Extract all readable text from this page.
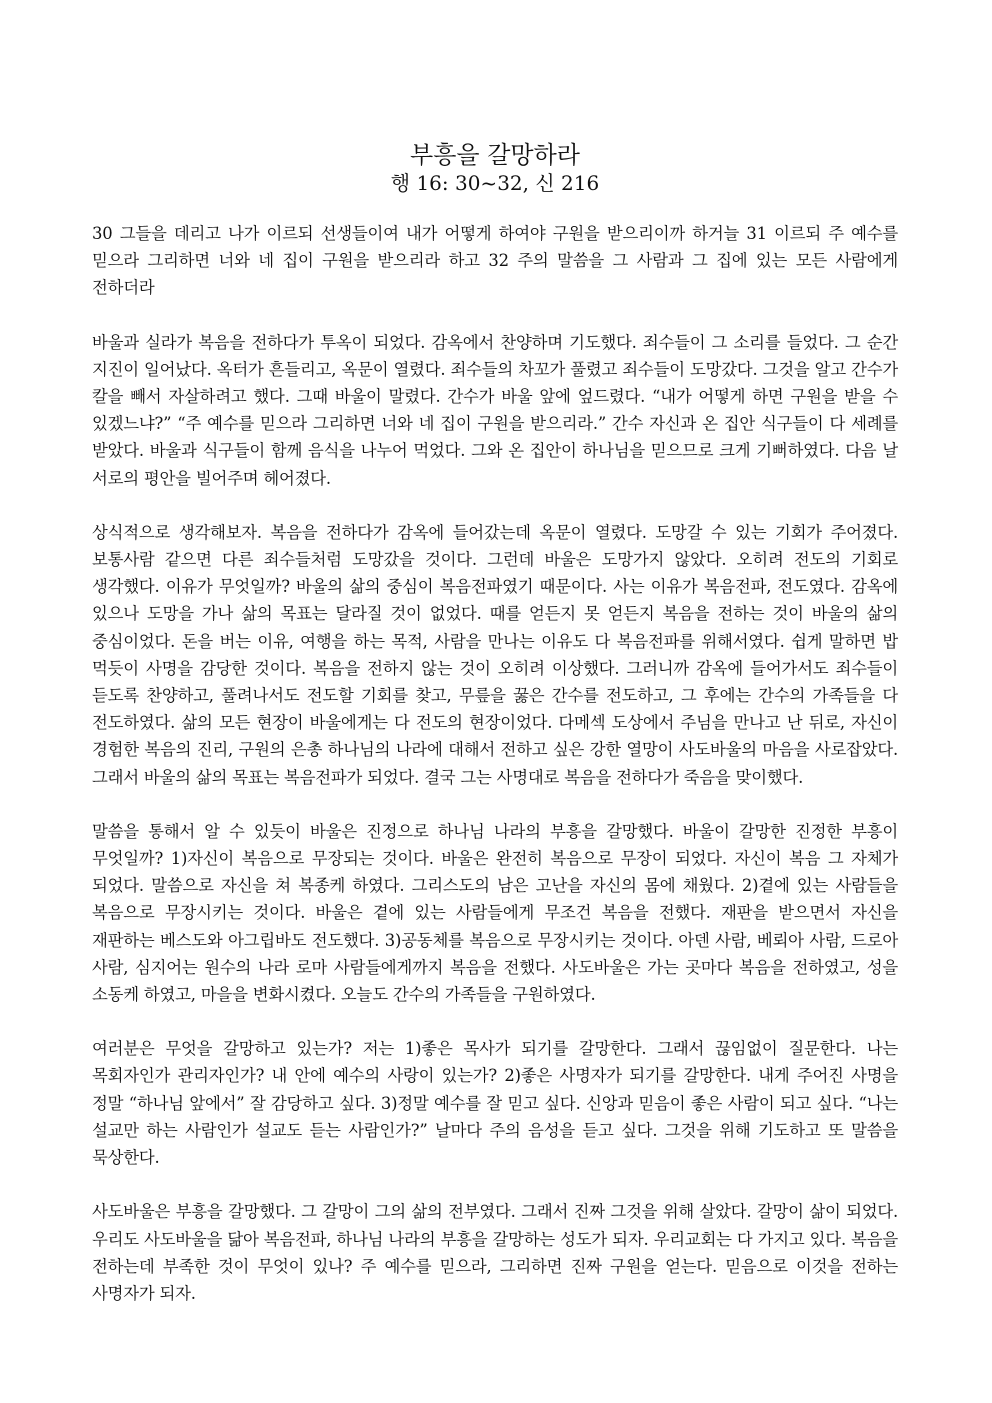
부흥을 갈망하라
행 16: 30~32, 신 216

30 그들을 데리고 나가 이르되 선생들이여 내가 어떻게 하여야 구원을 받으리이까 하거늘 31 이르되 주 예수를 믿으라 그리하면 너와 네 집이 구원을 받으리라 하고 32 주의 말씀을 그 사람과 그 집에 있는 모든 사람에게 전하더라

바울과 실라가 복음을 전하다가 투옥이 되었다. 감옥에서 찬양하며 기도했다. 죄수들이 그 소리를 들었다. 그 순간 지진이 일어났다. 옥터가 흔들리고, 옥문이 열렸다. 죄수들의 차꼬가 풀렸고 죄수들이 도망갔다. 그것을 알고 간수가 칼을 빼서 자살하려고 했다. 그때 바울이 말렸다. 간수가 바울 앞에 엎드렸다. “내가 어떻게 하면 구원을 받을 수 있겠느냐?” “주 예수를 믿으라 그리하면 너와 네 집이 구원을 받으리라.” 간수 자신과 온 집안 식구들이 다 세례를 받았다. 바울과 식구들이 함께 음식을 나누어 먹었다. 그와 온 집안이 하나님을 믿으므로 크게 기뻐하였다. 다음 날 서로의 평안을 빌어주며 헤어졌다.

상식적으로 생각해보자. 복음을 전하다가 감옥에 들어갔는데 옥문이 열렸다. 도망갈 수 있는 기회가 주어졌다. 보통사람 같으면 다른 죄수들처럼 도망갔을 것이다. 그런데 바울은 도망가지 않았다. 오히려 전도의 기회로 생각했다. 이유가 무엇일까? 바울의 삶의 중심이 복음전파였기 때문이다. 사는 이유가 복음전파, 전도였다. 감옥에 있으나 도망을 가나 삶의 목표는 달라질 것이 없었다. 때를 얻든지 못 얻든지 복음을 전하는 것이 바울의 삶의 중심이었다. 돈을 버는 이유, 여행을 하는 목적, 사람을 만나는 이유도 다 복음전파를 위해서였다. 쉽게 말하면 밥 먹듯이 사명을 감당한 것이다. 복음을 전하지 않는 것이 오히려 이상했다. 그러니까 감옥에 들어가서도 죄수들이 듣도록 찬양하고, 풀려나서도 전도할 기회를 찾고, 무릎을 꿇은 간수를 전도하고, 그 후에는 간수의 가족들을 다 전도하였다. 삶의 모든 현장이 바울에게는 다 전도의 현장이었다. 다메섹 도상에서 주님을 만나고 난 뒤로, 자신이 경험한 복음의 진리, 구원의 은총 하나님의 나라에 대해서 전하고 싶은 강한 열망이 사도바울의 마음을 사로잡았다. 그래서 바울의 삶의 목표는 복음전파가 되었다. 결국 그는 사명대로 복음을 전하다가 죽음을 맞이했다.

말씀을 통해서 알 수 있듯이 바울은 진정으로 하나님 나라의 부흥을 갈망했다. 바울이 갈망한 진정한 부흥이 무엇일까? 1)자신이 복음으로 무장되는 것이다. 바울은 완전히 복음으로 무장이 되었다. 자신이 복음 그 자체가 되었다. 말씀으로 자신을 쳐 복종케 하였다. 그리스도의 남은 고난을 자신의 몸에 채웠다. 2)곁에 있는 사람들을 복음으로 무장시키는 것이다. 바울은 곁에 있는 사람들에게 무조건 복음을 전했다. 재판을 받으면서 자신을 재판하는 베스도와 아그립바도 전도했다. 3)공동체를 복음으로 무장시키는 것이다. 아덴 사람, 베뢰아 사람, 드로아 사람, 심지어는 원수의 나라 로마 사람들에게까지 복음을 전했다. 사도바울은 가는 곳마다 복음을 전하였고, 성을 소동케 하였고, 마을을 변화시켰다. 오늘도 간수의 가족들을 구원하였다.

여러분은 무엇을 갈망하고 있는가? 저는 1)좋은 목사가 되기를 갈망한다. 그래서 끊임없이 질문한다. 나는 목회자인가 관리자인가? 내 안에 예수의 사랑이 있는가? 2)좋은 사명자가 되기를 갈망한다. 내게 주어진 사명을 정말 “하나님 앞에서” 잘 감당하고 싶다. 3)정말 예수를 잘 믿고 싶다. 신앙과 믿음이 좋은 사람이 되고 싶다. “나는 설교만 하는 사람인가 설교도 듣는 사람인가?” 날마다 주의 음성을 듣고 싶다. 그것을 위해 기도하고 또 말씀을 묵상한다.

사도바울은 부흥을 갈망했다. 그 갈망이 그의 삶의 전부였다. 그래서 진짜 그것을 위해 살았다. 갈망이 삶이 되었다. 우리도 사도바울을 닮아 복음전파, 하나님 나라의 부흥을 갈망하는 성도가 되자. 우리교회는 다 가지고 있다. 복음을 전하는데 부족한 것이 무엇이 있나? 주 예수를 믿으라, 그리하면 진짜 구원을 얻는다. 믿음으로 이것을 전하는 사명자가 되자.
